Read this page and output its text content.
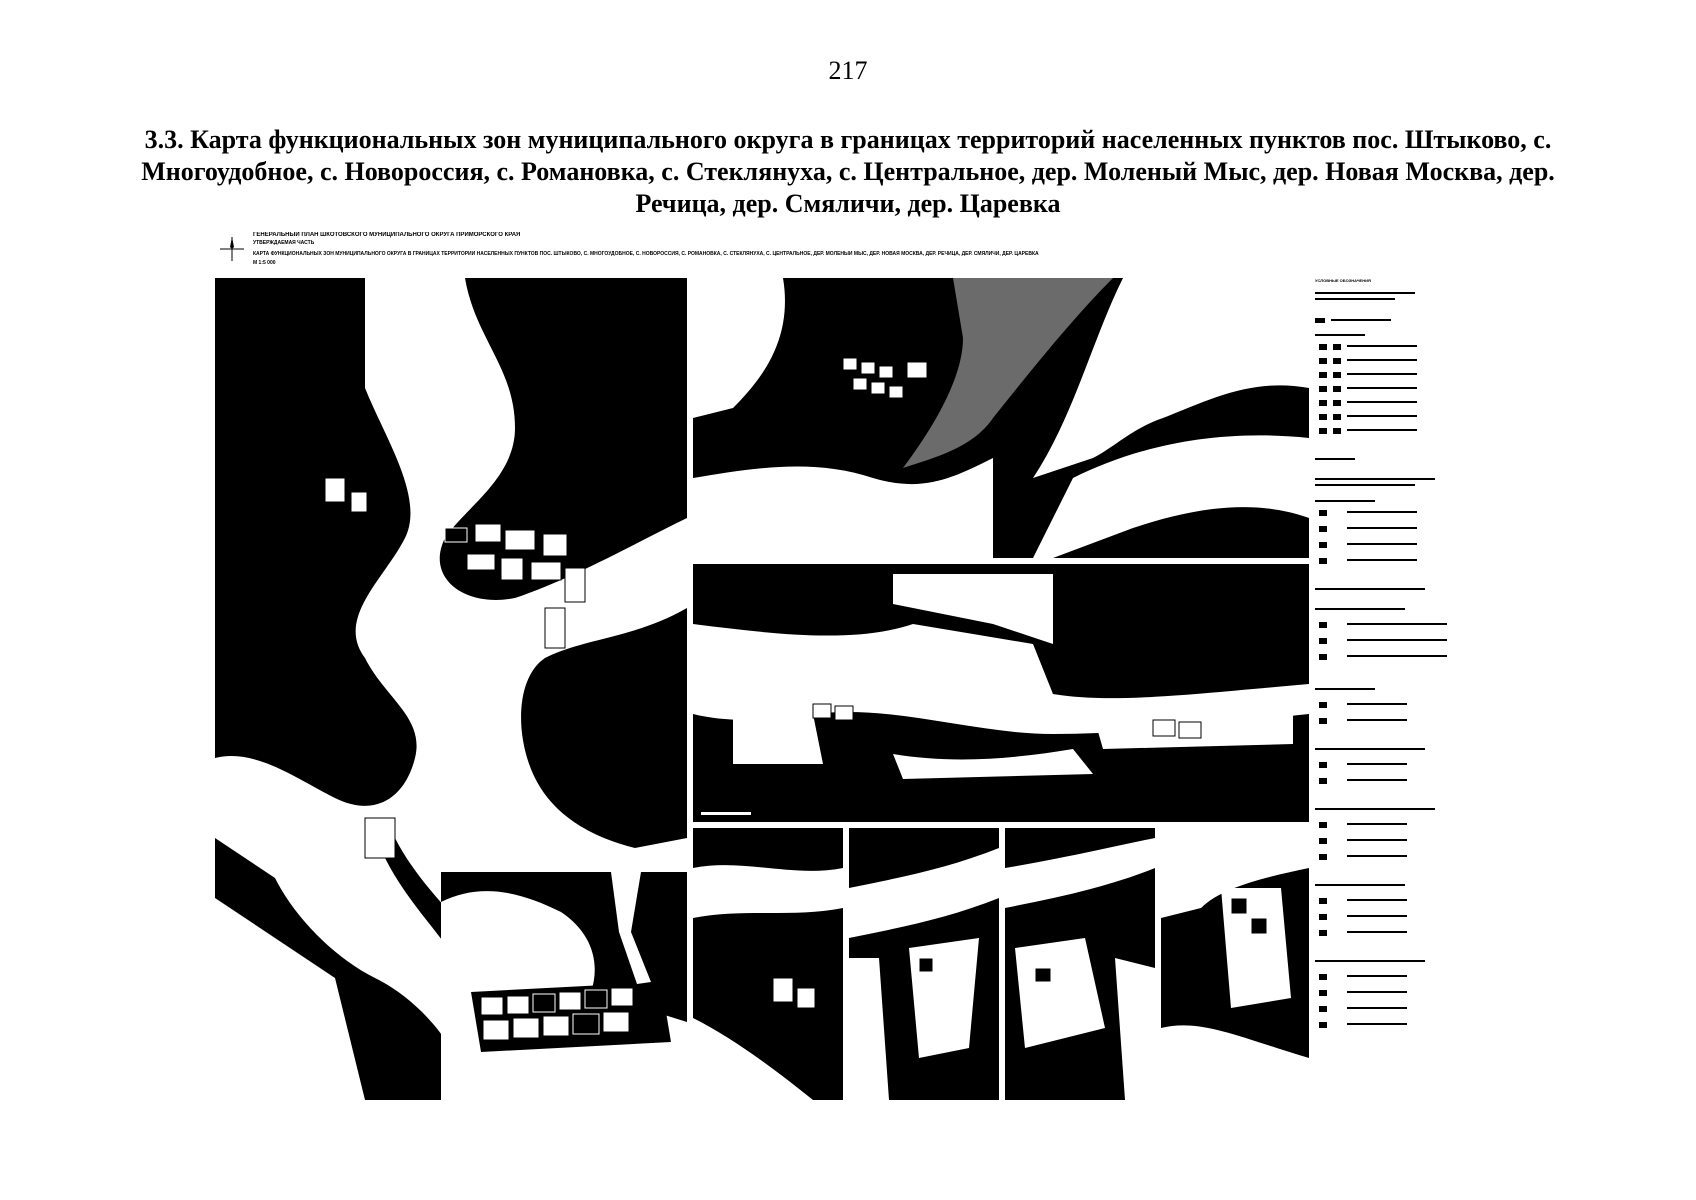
217
3.3. Карта функциональных зон муниципального округа в границах территорий населенных пунктов пос. Штыково, с. Многоудобное, с. Новороссия, с. Романовка, с. Стеклянуха, с. Центральное, дер. Моленый Мыс, дер. Новая Москва, дер. Речица, дер. Смяличи, дер. Царевка
ГЕНЕРАЛЬНЫЙ ПЛАН ШКОТОВСКОГО МУНИЦИПАЛЬНОГО ОКРУГА ПРИМОРСКОГО КРАЯ
УТВЕРЖДАЕМАЯ ЧАСТЬ
КАРТА ФУНКЦИОНАЛЬНЫХ ЗОН МУНИЦИПАЛЬНОГО ОКРУГА В ГРАНИЦАХ ТЕРРИТОРИЙ НАСЕЛЕННЫХ ПУНКТОВ ПОС. ШТЫКОВО, С. МНОГОУДОБНОЕ, С. НОВОРОССИЯ, С. РОМАНОВКА, С. СТЕКЛЯНУХА, С. ЦЕНТРАЛЬНОЕ, ДЕР. МОЛЕНЫЙ МЫС, ДЕР. НОВАЯ МОСКВА, ДЕР. РЕЧИЦА, ДЕР. СМЯЛИЧИ, ДЕР. ЦАРЕВКА
М 1:5 000
УСЛОВНЫЕ ОБОЗНАЧЕНИЯ
